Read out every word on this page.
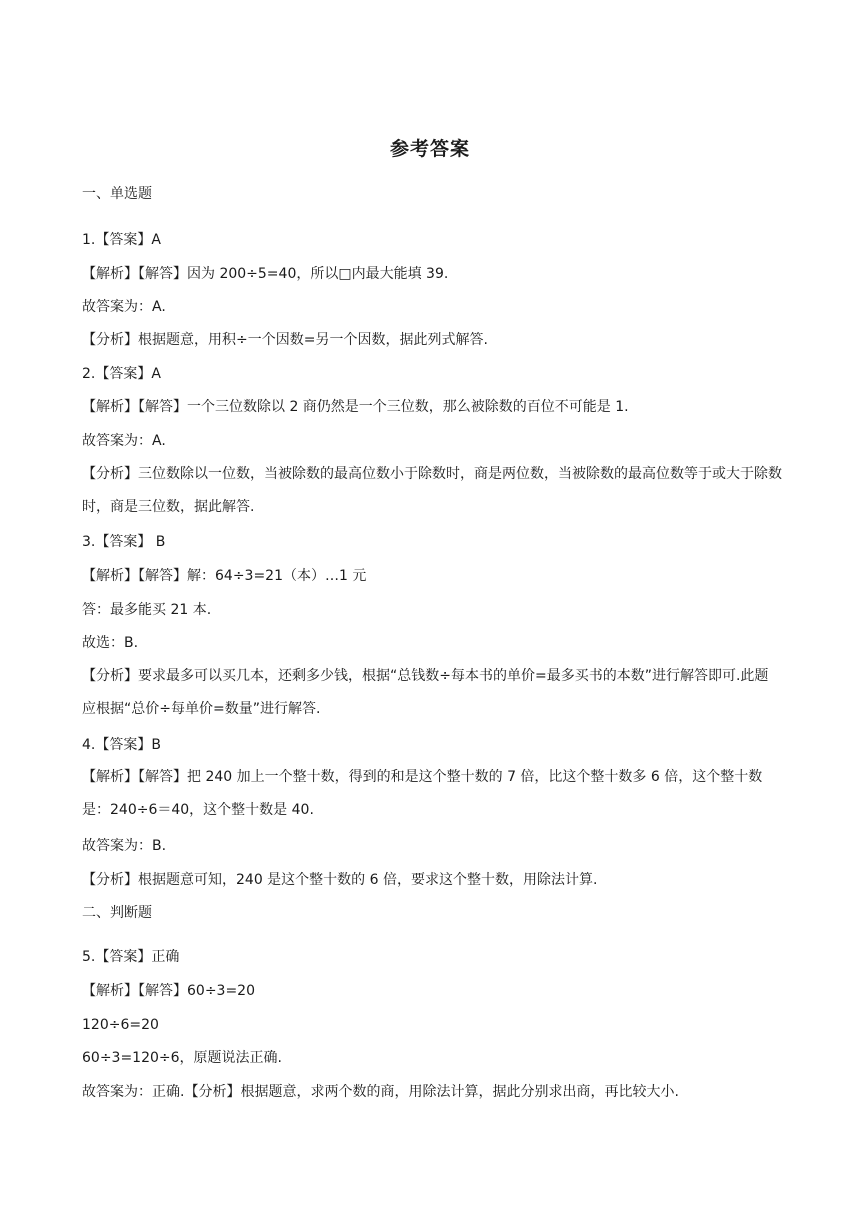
参考答案
一、单选题
1.【答案】A
【解析】【解答】因为 200÷5=40，所以□内最大能填 39.
故答案为：A.
【分析】根据题意，用积÷一个因数=另一个因数，据此列式解答.
2.【答案】A
【解析】【解答】一个三位数除以 2 商仍然是一个三位数，那么被除数的百位不可能是 1.
故答案为：A.
【分析】三位数除以一位数，当被除数的最高位数小于除数时，商是两位数，当被除数的最高位数等于或大于除数时，商是三位数，据此解答.
3.【答案】 B
【解析】【解答】解：64÷3=21（本）…1 元
答：最多能买 21 本.
故选：B.
【分析】要求最多可以买几本，还剩多少钱，根据“总钱数÷每本书的单价=最多买书的本数”进行解答即可.此题应根据“总价÷每单价=数量”进行解答.
4.【答案】B
【解析】【解答】把 240 加上一个整十数，得到的和是这个整十数的 7 倍，比这个整十数多 6 倍，这个整十数是：240÷6＝40，这个整十数是 40.
故答案为：B.
【分析】根据题意可知，240 是这个整十数的 6 倍，要求这个整十数，用除法计算.
二、判断题
5.【答案】正确
【解析】【解答】60÷3=20
120÷6=20
60÷3=120÷6，原题说法正确.
故答案为：正确.【分析】根据题意，求两个数的商，用除法计算，据此分别求出商，再比较大小.
